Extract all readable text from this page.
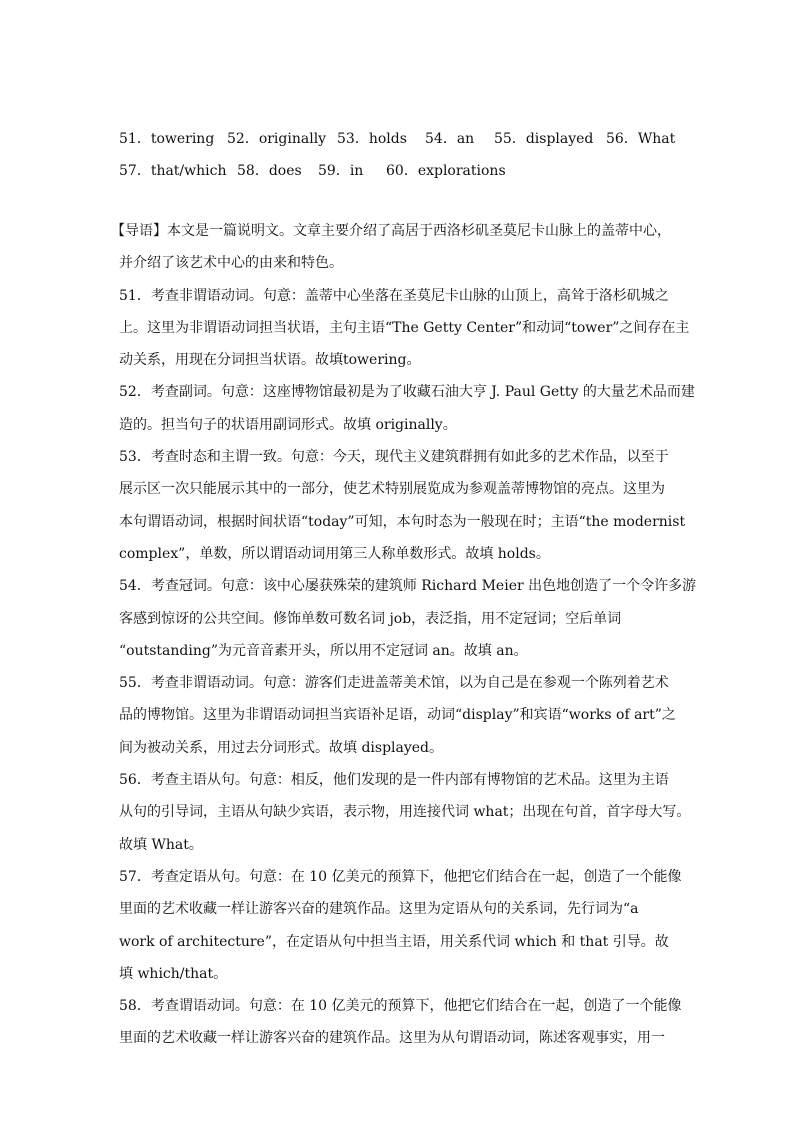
51．towering 52．originally 53．holds 54．an 55．displayed 56．What
57．that/which 58．does 59．in 60．explorations
【导语】本文是一篇说明文。文章主要介绍了高居于西洛杉矶圣莫尼卡山脉上的盖蒂中心，
并介绍了该艺术中心的由来和特色。
51．考查非谓语动词。句意：盖蒂中心坐落在圣莫尼卡山脉的山顶上，高耸于洛杉矶城之
上。这里为非谓语动词担当状语，主句主语“The Getty Center”和动词“tower”之间存在主
动关系，用现在分词担当状语。故填towering。
52．考查副词。句意：这座博物馆最初是为了收藏石油大亨 J. Paul Getty 的大量艺术品而建
造的。担当句子的状语用副词形式。故填 originally。
53．考查时态和主谓一致。句意：今天，现代主义建筑群拥有如此多的艺术作品，以至于
展示区一次只能展示其中的一部分，使艺术特别展览成为参观盖蒂博物馆的亮点。这里为
本句谓语动词，根据时间状语“today”可知，本句时态为一般现在时；主语“the modernist
complex”，单数，所以谓语动词用第三人称单数形式。故填 holds。
54．考查冠词。句意：该中心屡获殊荣的建筑师 Richard Meier 出色地创造了一个令许多游
客感到惊讶的公共空间。修饰单数可数名词 job，表泛指，用不定冠词；空后单词
“outstanding”为元音音素开头，所以用不定冠词 an。故填 an。
55．考查非谓语动词。句意：游客们走进盖蒂美术馆，以为自己是在参观一个陈列着艺术
品的博物馆。这里为非谓语动词担当宾语补足语，动词“display”和宾语“works of art”之
间为被动关系，用过去分词形式。故填 displayed。
56．考查主语从句。句意：相反，他们发现的是一件内部有博物馆的艺术品。这里为主语
从句的引导词，主语从句缺少宾语，表示物，用连接代词 what；出现在句首，首字母大写。
故填 What。
57．考查定语从句。句意：在 10 亿美元的预算下，他把它们结合在一起，创造了一个能像
里面的艺术收藏一样让游客兴奋的建筑作品。这里为定语从句的关系词，先行词为“a
work of architecture”，在定语从句中担当主语，用关系代词 which 和 that 引导。故
填 which/that。
58．考查谓语动词。句意：在 10 亿美元的预算下，他把它们结合在一起，创造了一个能像
里面的艺术收藏一样让游客兴奋的建筑作品。这里为从句谓语动词，陈述客观事实，用一
